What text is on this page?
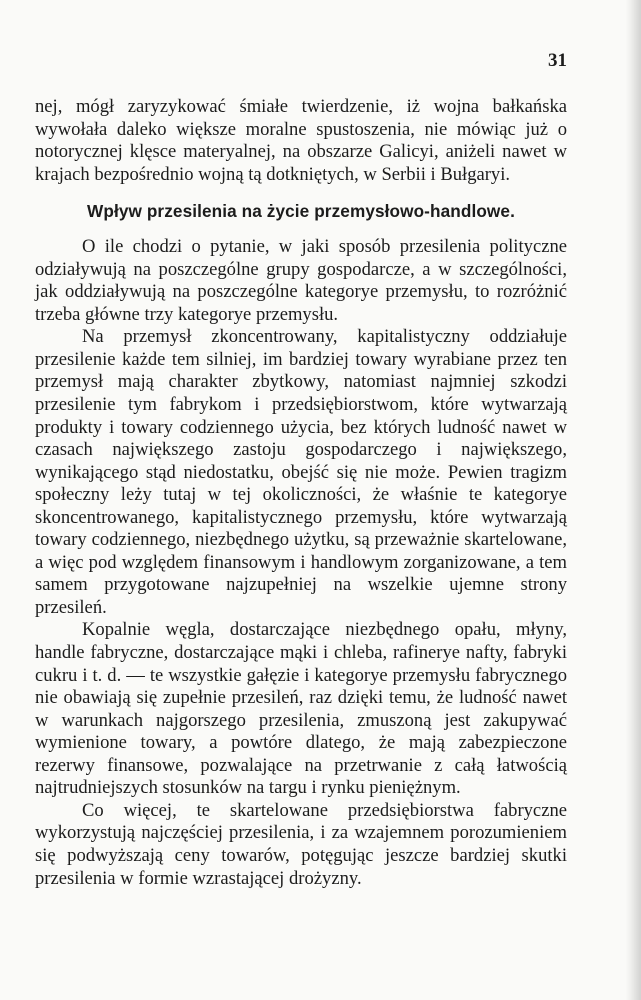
31

nej, mógł zaryzykować śmiałe twierdzenie, iż wojna bałkańska wywołała daleko większe moralne spustoszenia, nie mówiąc już o notorycznej klęsce materyalnej, na obszarze Galicyi, aniżeli nawet w krajach bezpośrednio wojną tą dotkniętych, w Serbii i Bułgaryi.

Wpływ przesilenia na życie przemysłowo-handlowe.

O ile chodzi o pytanie, w jaki sposób przesilenia polityczne odziaływują na poszczególne grupy gospodarcze, a w szczególności, jak oddziaływują na poszczególne kategorye przemysłu, to rozróżnić trzeba główne trzy kategorye przemysłu.

Na przemysł zkoncentrowany, kapitalistyczny oddziałuje przesilenie każde tem silniej, im bardziej towary wyrabiane przez ten przemysł mają charakter zbytkowy, natomiast najmniej szkodzi przesilenie tym fabrykom i przedsiębiorstwom, które wytwarzają produkty i towary codziennego użycia, bez których ludność nawet w czasach największego zastoju gospodarczego i największego, wynikającego stąd niedostatku, obejść się nie może. Pewien tragizm społeczny leży tutaj w tej okoliczności, że właśnie te kategorye skoncentrowanego, kapitalistycznego przemysłu, które wytwarzają towary codziennego, niezbędnego użytku, są przeważnie skartelowane, a więc pod względem finansowym i handlowym zorganizowane, a tem samem przygotowane najzupełniej na wszelkie ujemne strony przesileń.

Kopalnie węgla, dostarczające niezbędnego opału, młyny, handle fabryczne, dostarczające mąki i chleba, rafinerye nafty, fabryki cukru i t. d. — te wszystkie gałęzie i kategorye przemysłu fabrycznego nie obawiają się zupełnie przesileń, raz dzięki temu, że ludność nawet w warunkach najgorszego przesilenia, zmuszoną jest zakupywać wymienione towary, a powtóre dlatego, że mają zabezpieczone rezerwy finansowe, pozwalające na przetrwanie z całą łatwością najtrudniejszych stosunków na targu i rynku pieniężnym.

Co więcej, te skartelowane przedsiębiorstwa fabryczne wykorzystują najczęściej przesilenia, i za wzajemnem porozumieniem się podwyższają ceny towarów, potęgując jeszcze bardziej skutki przesilenia w formie wzrastającej drożyzny.
